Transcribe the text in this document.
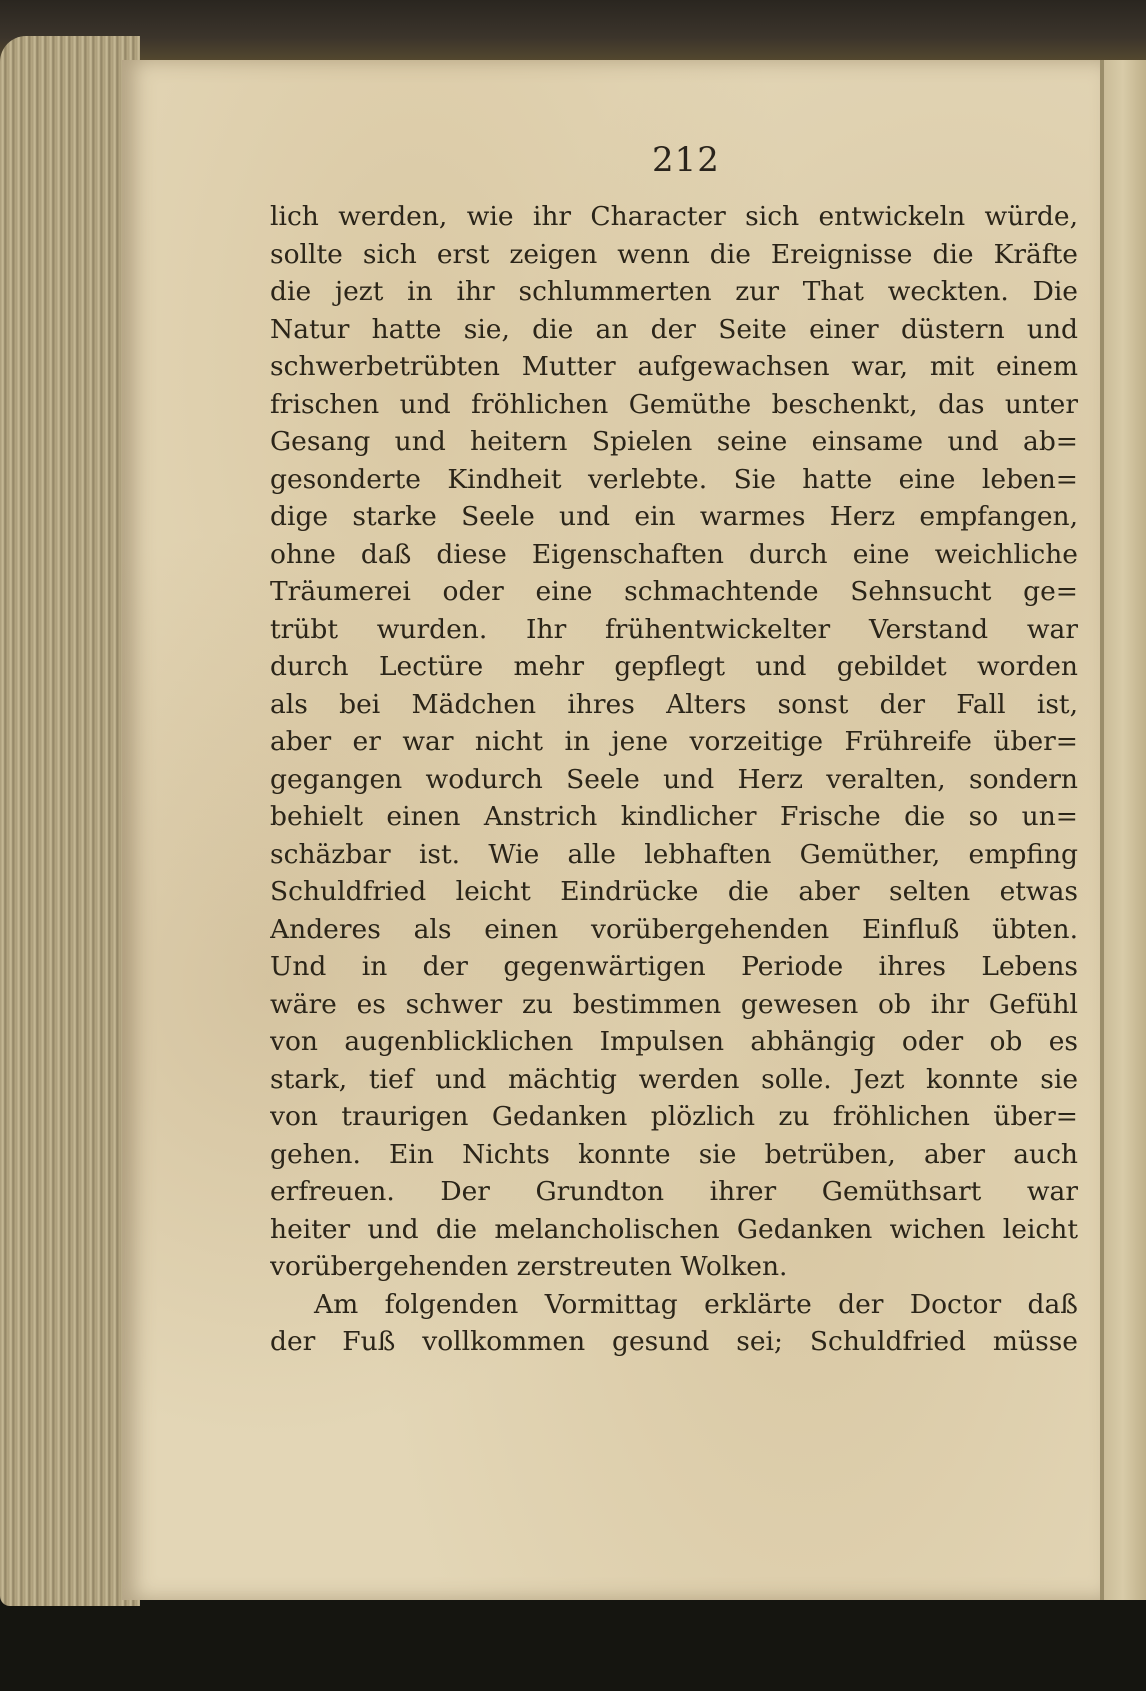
212
lich werden, wie ihr Character sich entwickeln würde,
sollte sich erst zeigen wenn die Ereignisse die Kräfte
die jezt in ihr schlummerten zur That weckten. Die
Natur hatte sie, die an der Seite einer düstern und
schwerbetrübten Mutter aufgewachsen war, mit einem
frischen und fröhlichen Gemüthe beschenkt, das unter
Gesang und heitern Spielen seine einsame und ab=
gesonderte Kindheit verlebte. Sie hatte eine leben=
dige starke Seele und ein warmes Herz empfangen,
ohne daß diese Eigenschaften durch eine weichliche
Träumerei oder eine schmachtende Sehnsucht ge=
trübt wurden. Ihr frühentwickelter Verstand war
durch Lectüre mehr gepflegt und gebildet worden
als bei Mädchen ihres Alters sonst der Fall ist,
aber er war nicht in jene vorzeitige Frühreife über=
gegangen wodurch Seele und Herz veralten, sondern
behielt einen Anstrich kindlicher Frische die so un=
schäzbar ist. Wie alle lebhaften Gemüther, empfing
Schuldfried leicht Eindrücke die aber selten etwas
Anderes als einen vorübergehenden Einfluß übten.
Und in der gegenwärtigen Periode ihres Lebens
wäre es schwer zu bestimmen gewesen ob ihr Gefühl
von augenblicklichen Impulsen abhängig oder ob es
stark, tief und mächtig werden solle. Jezt konnte sie
von traurigen Gedanken plözlich zu fröhlichen über=
gehen. Ein Nichts konnte sie betrüben, aber auch
erfreuen. Der Grundton ihrer Gemüthsart war
heiter und die melancholischen Gedanken wichen leicht
vorübergehenden zerstreuten Wolken.
Am folgenden Vormittag erklärte der Doctor daß
der Fuß vollkommen gesund sei; Schuldfried müsse
